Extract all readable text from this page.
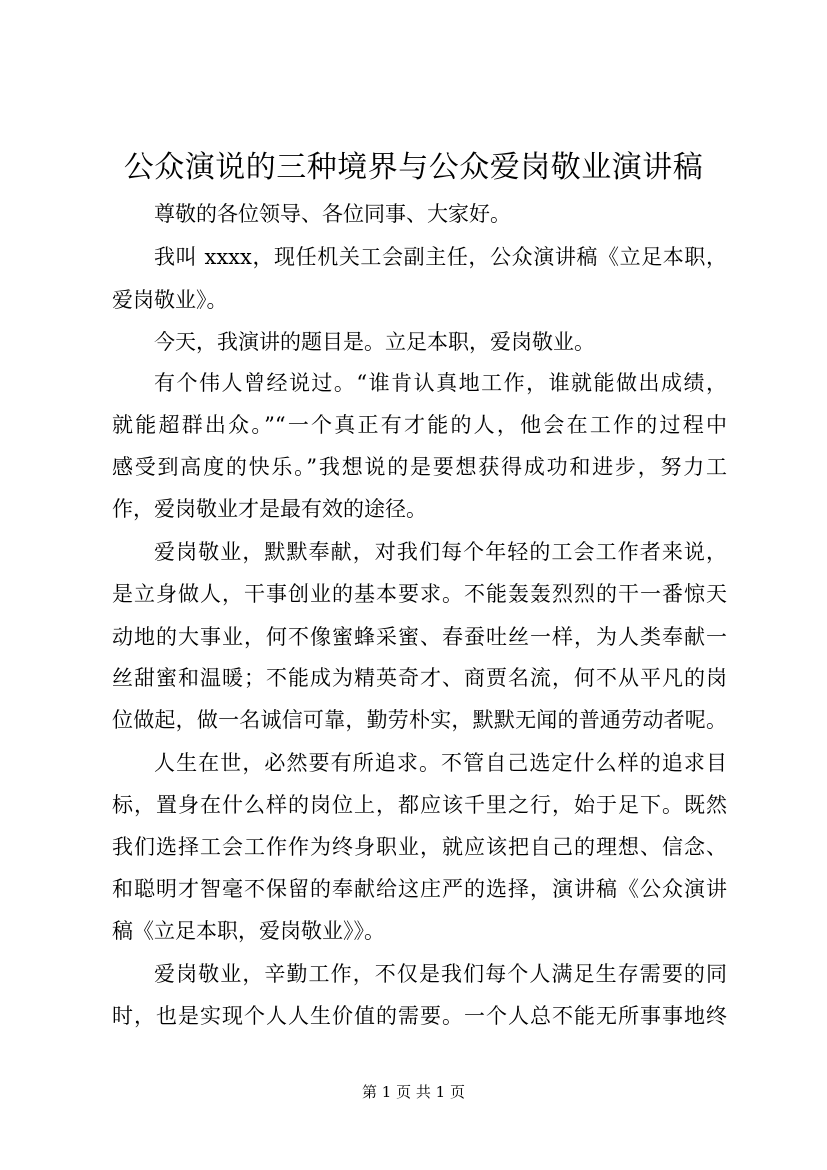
公众演说的三种境界与公众爱岗敬业演讲稿
尊敬的各位领导、各位同事、大家好。
我叫 xxxx，现任机关工会副主任，公众演讲稿《立足本职，
爱岗敬业》。
今天，我演讲的题目是。立足本职，爱岗敬业。
有个伟人曾经说过。“谁肯认真地工作，谁就能做出成绩，
就能超群出众。”“一个真正有才能的人，他会在工作的过程中
感受到高度的快乐。”我想说的是要想获得成功和进步，努力工
作，爱岗敬业才是最有效的途径。
爱岗敬业，默默奉献，对我们每个年轻的工会工作者来说，
是立身做人，干事创业的基本要求。不能轰轰烈烈的干一番惊天
动地的大事业，何不像蜜蜂采蜜、春蚕吐丝一样，为人类奉献一
丝甜蜜和温暖；不能成为精英奇才、商贾名流，何不从平凡的岗
位做起，做一名诚信可靠，勤劳朴实，默默无闻的普通劳动者呢。
人生在世，必然要有所追求。不管自己选定什么样的追求目
标，置身在什么样的岗位上，都应该千里之行，始于足下。既然
我们选择工会工作作为终身职业，就应该把自己的理想、信念、
和聪明才智毫不保留的奉献给这庄严的选择，演讲稿《公众演讲
稿《立足本职，爱岗敬业》》。
爱岗敬业，辛勤工作，不仅是我们每个人满足生存需要的同
时，也是实现个人人生价值的需要。一个人总不能无所事事地终
第 1 页 共 1 页
